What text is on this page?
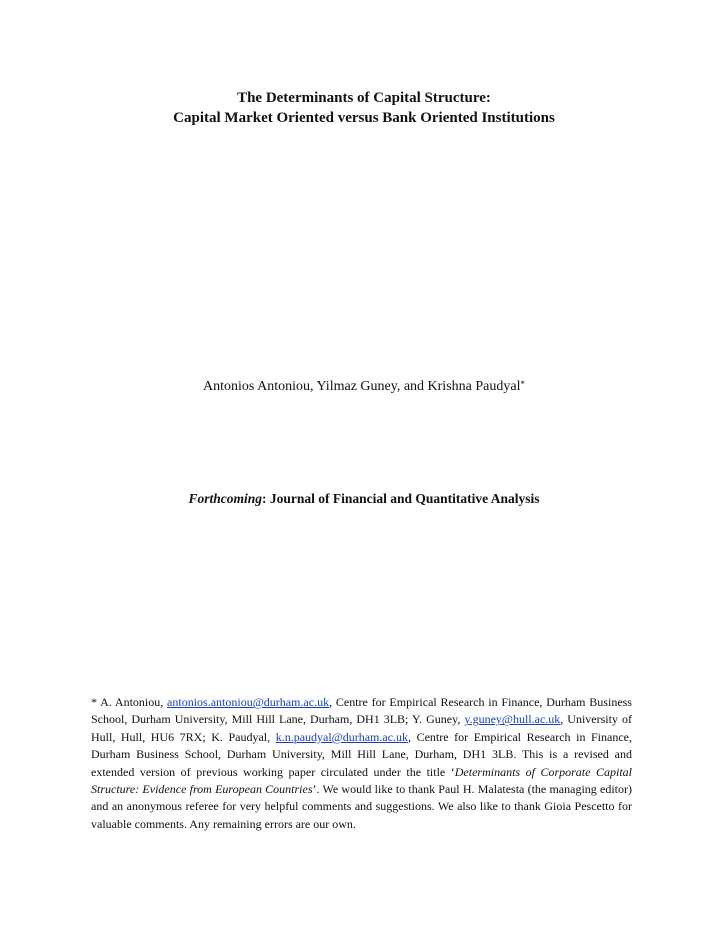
The Determinants of Capital Structure:
Capital Market Oriented versus Bank Oriented Institutions
Antonios Antoniou, Yilmaz Guney, and Krishna Paudyal*
Forthcoming: Journal of Financial and Quantitative Analysis
* A. Antoniou, antonios.antoniou@durham.ac.uk, Centre for Empirical Research in Finance, Durham Business School, Durham University, Mill Hill Lane, Durham, DH1 3LB; Y. Guney, y.guney@hull.ac.uk, University of Hull, Hull, HU6 7RX; K. Paudyal, k.n.paudyal@durham.ac.uk, Centre for Empirical Research in Finance, Durham Business School, Durham University, Mill Hill Lane, Durham, DH1 3LB. This is a revised and extended version of previous working paper circulated under the title ‘Determinants of Corporate Capital Structure: Evidence from European Countries’. We would like to thank Paul H. Malatesta (the managing editor) and an anonymous referee for very helpful comments and suggestions. We also like to thank Gioia Pescetto for valuable comments. Any remaining errors are our own.
